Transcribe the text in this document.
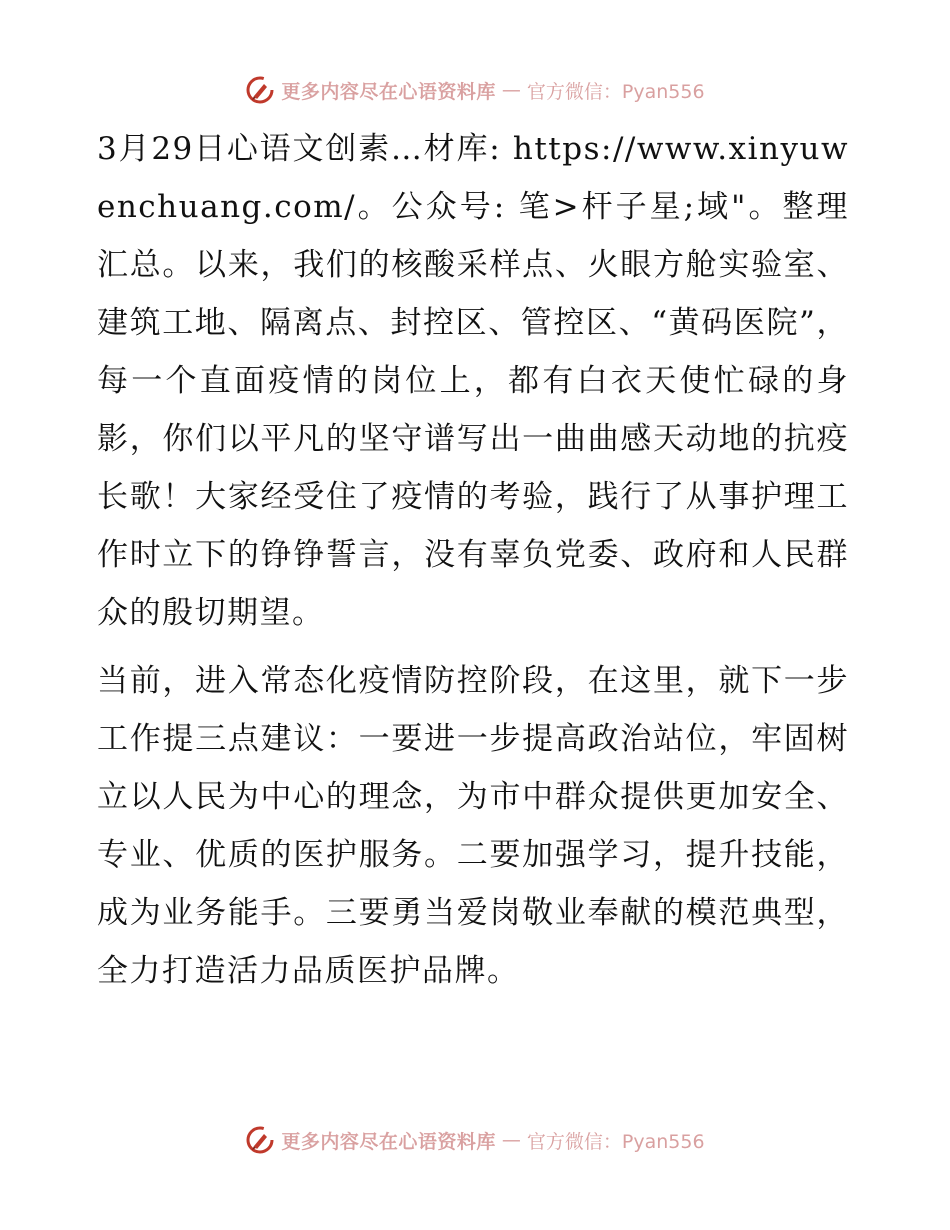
更多内容尽在心语资料库 — 官方微信：Pyan556

3月29日心语文创素…材库: https://www.xinyuwenchuang.com/。公众号: 笔>杆子星;域"。整理汇总。以来，我们的核酸采样点、火眼方舱实验室、建筑工地、隔离点、封控区、管控区、“黄码医院”，每一个直面疫情的岗位上，都有白衣天使忙碌的身影，你们以平凡的坚守谱写出一曲曲感天动地的抗疫长歌！大家经受住了疫情的考验，践行了从事护理工作时立下的铮铮誓言，没有辜负党委、政府和人民群众的殷切期望。

当前，进入常态化疫情防控阶段，在这里，就下一步工作提三点建议：一要进一步提高政治站位，牢固树立以人民为中心的理念，为市中群众提供更加安全、专业、优质的医护服务。二要加强学习，提升技能，成为业务能手。三要勇当爱岗敬业奉献的模范典型，全力打造活力品质医护品牌。

更多内容尽在心语资料库 — 官方微信：Pyan556
